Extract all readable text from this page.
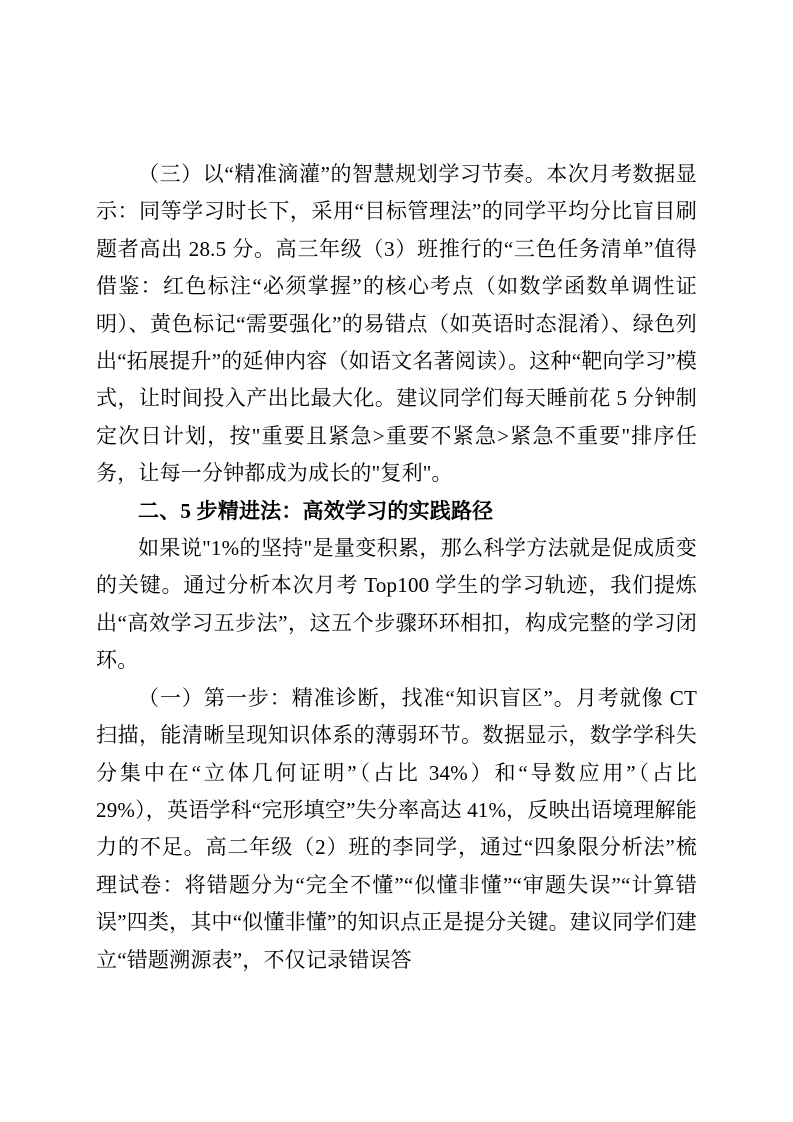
（三）以“精准滴灌”的智慧规划学习节奏。本次月考数据显示：同等学习时长下，采用“目标管理法”的同学平均分比盲目刷题者高出 28.5 分。高三年级（3）班推行的“三色任务清单”值得借鉴：红色标注“必须掌握”的核心考点（如数学函数单调性证明）、黄色标记“需要强化”的易错点（如英语时态混淆）、绿色列出“拓展提升”的延伸内容（如语文名著阅读）。这种“靶向学习”模式，让时间投入产出比最大化。建议同学们每天睡前花 5 分钟制定次日计划，按"重要且紧急>重要不紧急>紧急不重要"排序任务，让每一分钟都成为成长的"复利"。

二、5 步精进法：高效学习的实践路径

如果说"1%的坚持"是量变积累，那么科学方法就是促成质变的关键。通过分析本次月考 Top100 学生的学习轨迹，我们提炼出“高效学习五步法”，这五个步骤环环相扣，构成完整的学习闭环。

（一）第一步：精准诊断，找准“知识盲区”。月考就像 CT 扫描，能清晰呈现知识体系的薄弱环节。数据显示，数学学科失分集中在“立体几何证明”（占比 34%）和“导数应用”（占比 29%），英语学科“完形填空”失分率高达 41%，反映出语境理解能力的不足。高二年级（2）班的李同学，通过“四象限分析法”梳理试卷：将错题分为“完全不懂”“似懂非懂”“审题失误”“计算错误”四类，其中“似懂非懂”的知识点正是提分关键。建议同学们建立“错题溯源表”，不仅记录错误答
